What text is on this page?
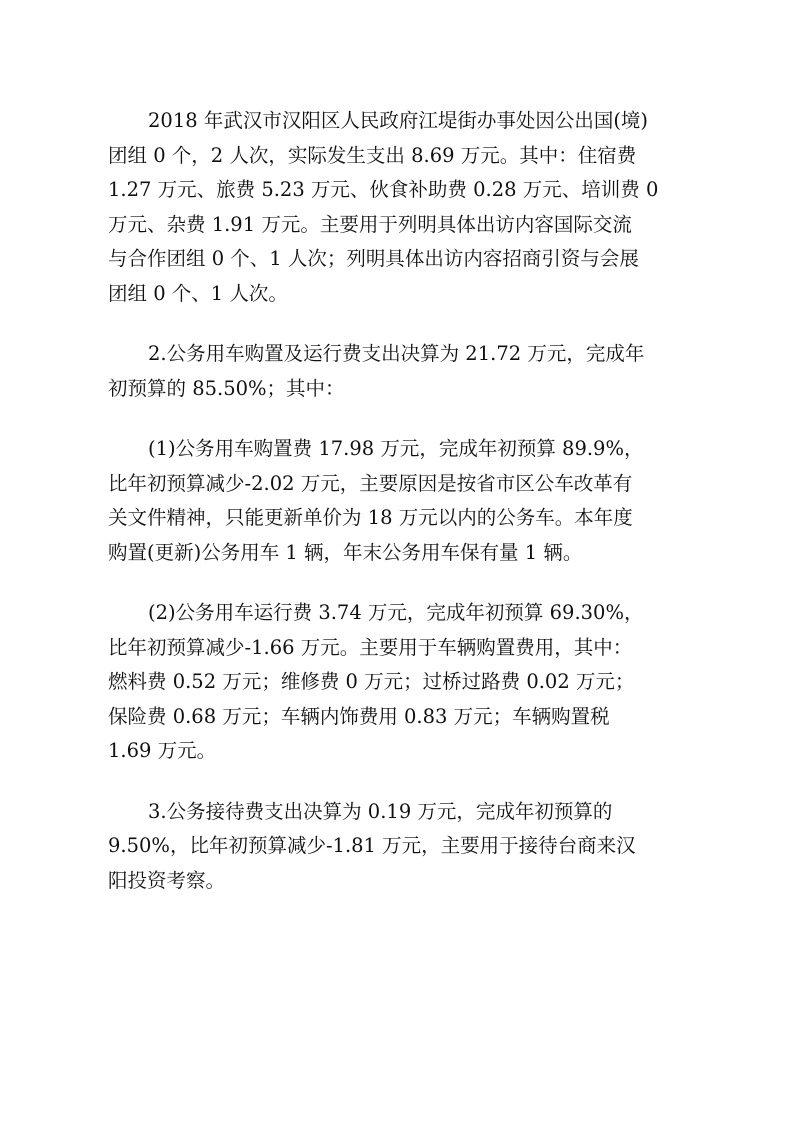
2018 年武汉市汉阳区人民政府江堤街办事处因公出国(境)
团组 0 个，2 人次，实际发生支出 8.69 万元。其中：住宿费
1.27 万元、旅费 5.23 万元、伙食补助费 0.28 万元、培训费 0
万元、杂费 1.91 万元。主要用于列明具体出访内容国际交流
与合作团组 0 个、1 人次；列明具体出访内容招商引资与会展
团组 0 个、1 人次。

2.公务用车购置及运行费支出决算为 21.72 万元，完成年
初预算的 85.50%；其中：

(1)公务用车购置费 17.98 万元，完成年初预算 89.9%，
比年初预算减少-2.02 万元，主要原因是按省市区公车改革有
关文件精神，只能更新单价为 18 万元以内的公务车。本年度
购置(更新)公务用车 1 辆，年末公务用车保有量 1 辆。

(2)公务用车运行费 3.74 万元，完成年初预算 69.30%，
比年初预算减少-1.66 万元。主要用于车辆购置费用，其中：
燃料费 0.52 万元；维修费 0 万元；过桥过路费 0.02 万元；
保险费 0.68 万元；车辆内饰费用 0.83 万元；车辆购置税
1.69 万元。

3.公务接待费支出决算为 0.19 万元，完成年初预算的
9.50%，比年初预算减少-1.81 万元，主要用于接待台商来汉
阳投资考察。
